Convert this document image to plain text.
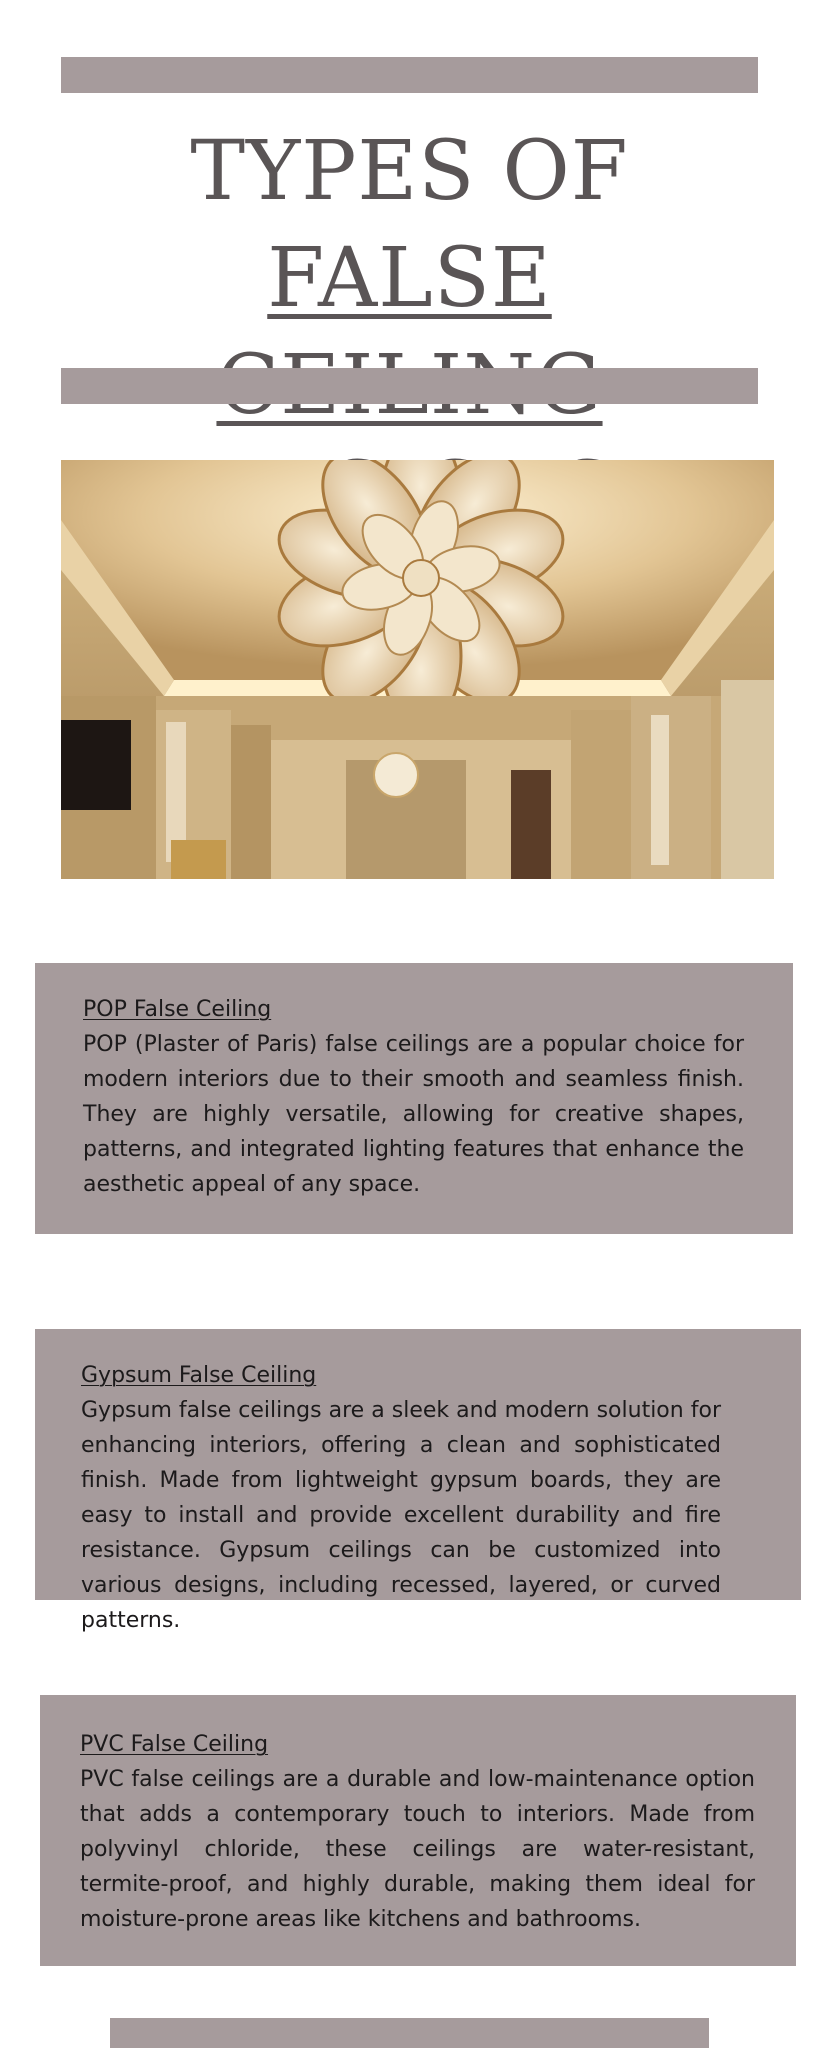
TYPES OF FALSE

POP False Ceiling

POP (Plaster of Paris) false ceilings are a popular choice for modern interiors due to their smooth and seamless finish. They are highly versatile, allowing for creative shapes, patterns, and integrated lighting features that enhance the aesthetic appeal of any space.

Gypsum False Ceiling

Gypsum false ceilings are a sleek and modern solution for enhancing interiors, offering a clean and sophisticated finish. Made from lightweight gypsum boards, they are easy to install and provide excellent durability and fire resistance. Gypsum ceilings can be customized into various designs, including recessed, layered, or curved patterns.

PVC False Ceiling

PVC false ceilings are a durable and low-maintenance option that adds a contemporary touch to interiors. Made from polyvinyl chloride, these ceilings are water-resistant, termite-proof, and highly durable, making them ideal for moisture-prone areas like kitchens and bathrooms.
